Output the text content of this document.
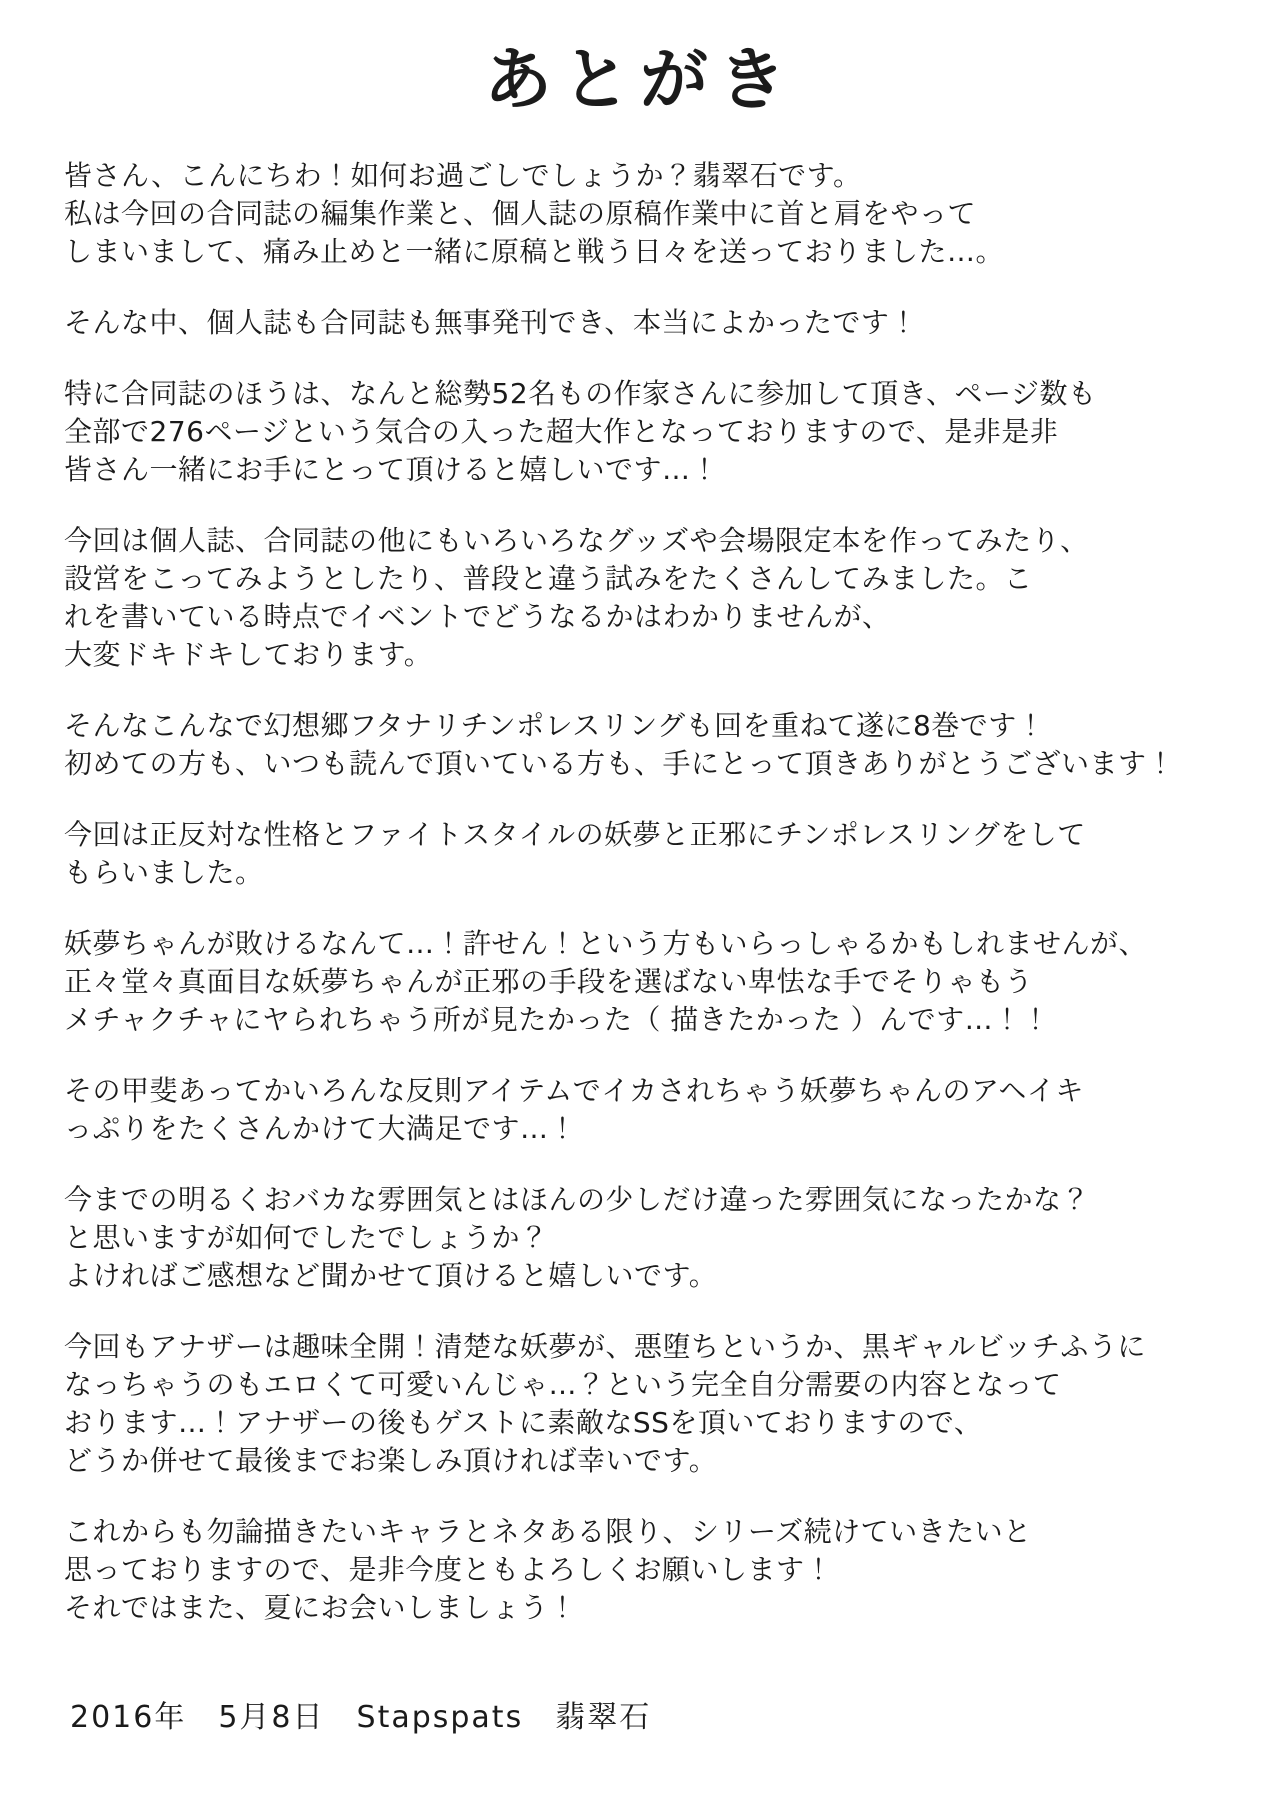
あとがき
皆さん、こんにちわ！如何お過ごしでしょうか？翡翠石です。
私は今回の合同誌の編集作業と、個人誌の原稿作業中に首と肩をやって
しまいまして、痛み止めと一緒に原稿と戦う日々を送っておりました…。
そんな中、個人誌も合同誌も無事発刊でき、本当によかったです！
特に合同誌のほうは、なんと総勢52名もの作家さんに参加して頂き、ページ数も
全部で276ページという気合の入った超大作となっておりますので、是非是非
皆さん一緒にお手にとって頂けると嬉しいです…！
今回は個人誌、合同誌の他にもいろいろなグッズや会場限定本を作ってみたり、
設営をこってみようとしたり、普段と違う試みをたくさんしてみました。こ
れを書いている時点でイベントでどうなるかはわかりませんが、
大変ドキドキしております。
そんなこんなで幻想郷フタナリチンポレスリングも回を重ねて遂に8巻です！
初めての方も、いつも読んで頂いている方も、手にとって頂きありがとうございます！
今回は正反対な性格とファイトスタイルの妖夢と正邪にチンポレスリングをして
もらいました。
妖夢ちゃんが敗けるなんて…！許せん！という方もいらっしゃるかもしれませんが、
正々堂々真面目な妖夢ちゃんが正邪の手段を選ばない卑怯な手でそりゃもう
メチャクチャにヤられちゃう所が見たかった（ 描きたかった ）んです…！！
その甲斐あってかいろんな反則アイテムでイカされちゃう妖夢ちゃんのアヘイキ
っぷりをたくさんかけて大満足です…！
今までの明るくおバカな雰囲気とはほんの少しだけ違った雰囲気になったかな？
と思いますが如何でしたでしょうか？
よければご感想など聞かせて頂けると嬉しいです。
今回もアナザーは趣味全開！清楚な妖夢が、悪堕ちというか、黒ギャルビッチふうに
なっちゃうのもエロくて可愛いんじゃ…？という完全自分需要の内容となって
おります…！アナザーの後もゲストに素敵なSSを頂いておりますので、
どうか併せて最後までお楽しみ頂ければ幸いです。
これからも勿論描きたいキャラとネタある限り、シリーズ続けていきたいと
思っておりますので、是非今度ともよろしくお願いします！
それではまた、夏にお会いしましょう！
2016年　5月8日　Stapspats　翡翠石
